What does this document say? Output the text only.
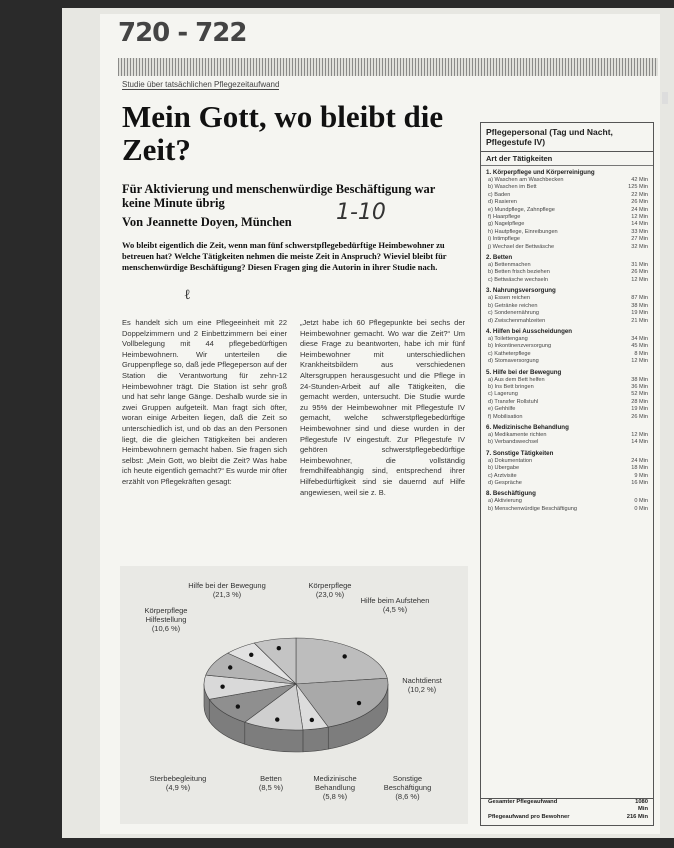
720 - 722
Studie über tatsächlichen Pflegezeitaufwand
Mein Gott, wo bleibt die Zeit?
Für Aktivierung und menschenwürdige Beschäftigung war keine Minute übrig
Von Jeannette Doyen, München 1-10
Wo bleibt eigentlich die Zeit, wenn man fünf schwerstpflegebedürftige Heimbewohner zu betreuen hat? Welche Tätigkeiten nehmen die meiste Zeit in Anspruch? Wieviel bleibt für menschenwürdige Beschäftigung? Diesen Fragen ging die Autorin in ihrer Studie nach.
ℓ
Es handelt sich um eine Pflegeeinheit mit 22 Doppelzimmern und 2 Einbettzimmern bei einer Vollbelegung mit 44 pflegebedürftigen Heimbewohnern. Wir unterteilen die Gruppenpflege so, daß jede Pflegeperson auf der Station die Verantwortung für zehn-12 Heimbewohner trägt. Die Station ist sehr groß und hat sehr lange Gänge. Deshalb wurde sie in zwei Gruppen aufgeteilt. Man fragt sich öfter, woran einige Arbeiten liegen, daß die Zeit so unterschiedlich ist, und ob das an den Personen liegt, die die gleichen Tätigkeiten bei anderen Heimbewohnern gemacht haben. Sie fragen sich selbst: „Mein Gott, wo bleibt die Zeit? Was habe ich heute eigentlich gemacht?“ Es wurde mir öfter erzählt von Pflegekräften gesagt:
„Jetzt habe ich 60 Pflegepunkte bei sechs der Heimbewohner gemacht. Wo war die Zeit?“ Um diese Frage zu beantworten, habe ich mir fünf Heimbewohner mit unterschiedlichen Krankheitsbildern aus verschiedenen Altersgruppen herausgesucht und die Pflege in 24-Stunden-Arbeit auf alle Tätigkeiten, die gemacht werden, untersucht. Die Studie wurde zu 95% der Heimbewohner mit Pflegestufe IV gemacht, welche schwerstpflegebedürftige Heimbewohner sind und diese wurden in der Pflegestufe IV eingestuft. Zur Pflegestufe IV gehören schwerstpflegebedürftige Heimbewohner, die vollständig fremdhilfeabhängig sind, entsprechend ihrer Hilfebedürftigkeit sind sie dauernd auf Hilfe angewiesen, weil sie z. B.
Hilfe bei der Bewegung
(21,3 %)
Körperpflege
(23,0 %)
Körperpflege Hilfestellung
(10,6 %)
Hilfe beim Aufstehen
(4,5 %)
Nachtdienst
(10,2 %)
Sterbebegleitung
(4,9 %)
Betten
(8,5 %)
Medizinische Behandlung
(5,8 %)
Sonstige Beschäftigung
(8,6 %)
Pflegepersonal (Tag und Nacht, Pflegestufe IV)
Art der Tätigkeiten
1. Körperpflege und Körperreinigung
a) Waschen am Waschbecken	42 Min
b) Waschen im Bett	125 Min
c) Baden	22 Min
d) Rasieren	26 Min
e) Mundpflege, Zahnpflege	24 Min
f) Haarpflege	12 Min
g) Nagelpflege	14 Min
h) Hautpflege, Einreibungen	33 Min
i) Intimpflege	27 Min
j) Wechsel der Bettwäsche	32 Min
2. Betten
a) Bettenmachen	31 Min
b) Betten frisch beziehen	26 Min
c) Bettwäsche wechseln	12 Min
3. Nahrungsversorgung
a) Essen reichen	87 Min
b) Getränke reichen	38 Min
c) Sondenernährung	19 Min
d) Zwischenmahlzeiten	21 Min
4. Hilfen bei Ausscheidungen
a) Toilettengang	34 Min
b) Inkontinenzversorgung	45 Min
c) Katheterpflege	8 Min
d) Stomaversorgung	12 Min
5. Hilfe bei der Bewegung
a) Aus dem Bett helfen	38 Min
b) Ins Bett bringen	36 Min
c) Lagerung	52 Min
d) Transfer Rollstuhl	28 Min
e) Gehhilfe	19 Min
f) Mobilisation	26 Min
6. Medizinische Behandlung
a) Medikamente richten	12 Min
b) Verbandswechsel	14 Min
7. Sonstige Tätigkeiten
a) Dokumentation	24 Min
b) Übergabe	18 Min
c) Arztvisite	9 Min
d) Gespräche	16 Min
8. Beschäftigung
a) Aktivierung	0 Min
b) Menschenwürdige Beschäftigung	0 Min
Gesamter Pflegeaufwand	1080 Min
Pflegeaufwand pro Bewohner	216 Min
